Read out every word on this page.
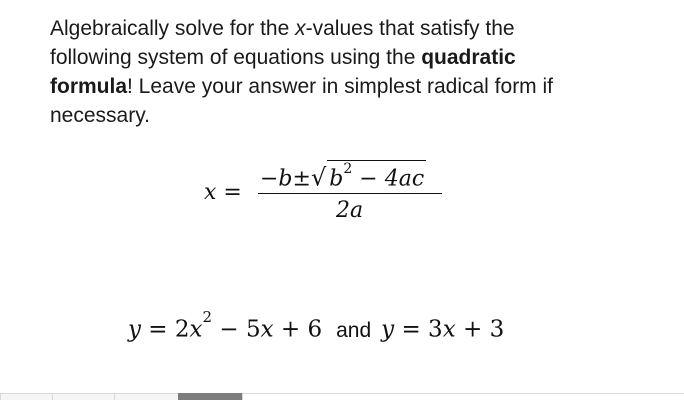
Algebraically solve for the x-values that satisfy the
following system of equations using the quadratic
formula! Leave your answer in simplest radical form if
necessary.
x =
−b±√ $b^2 - 4ac$
2a
$y = 2x^2 - 5x + 6$ and y = 3x + 3
